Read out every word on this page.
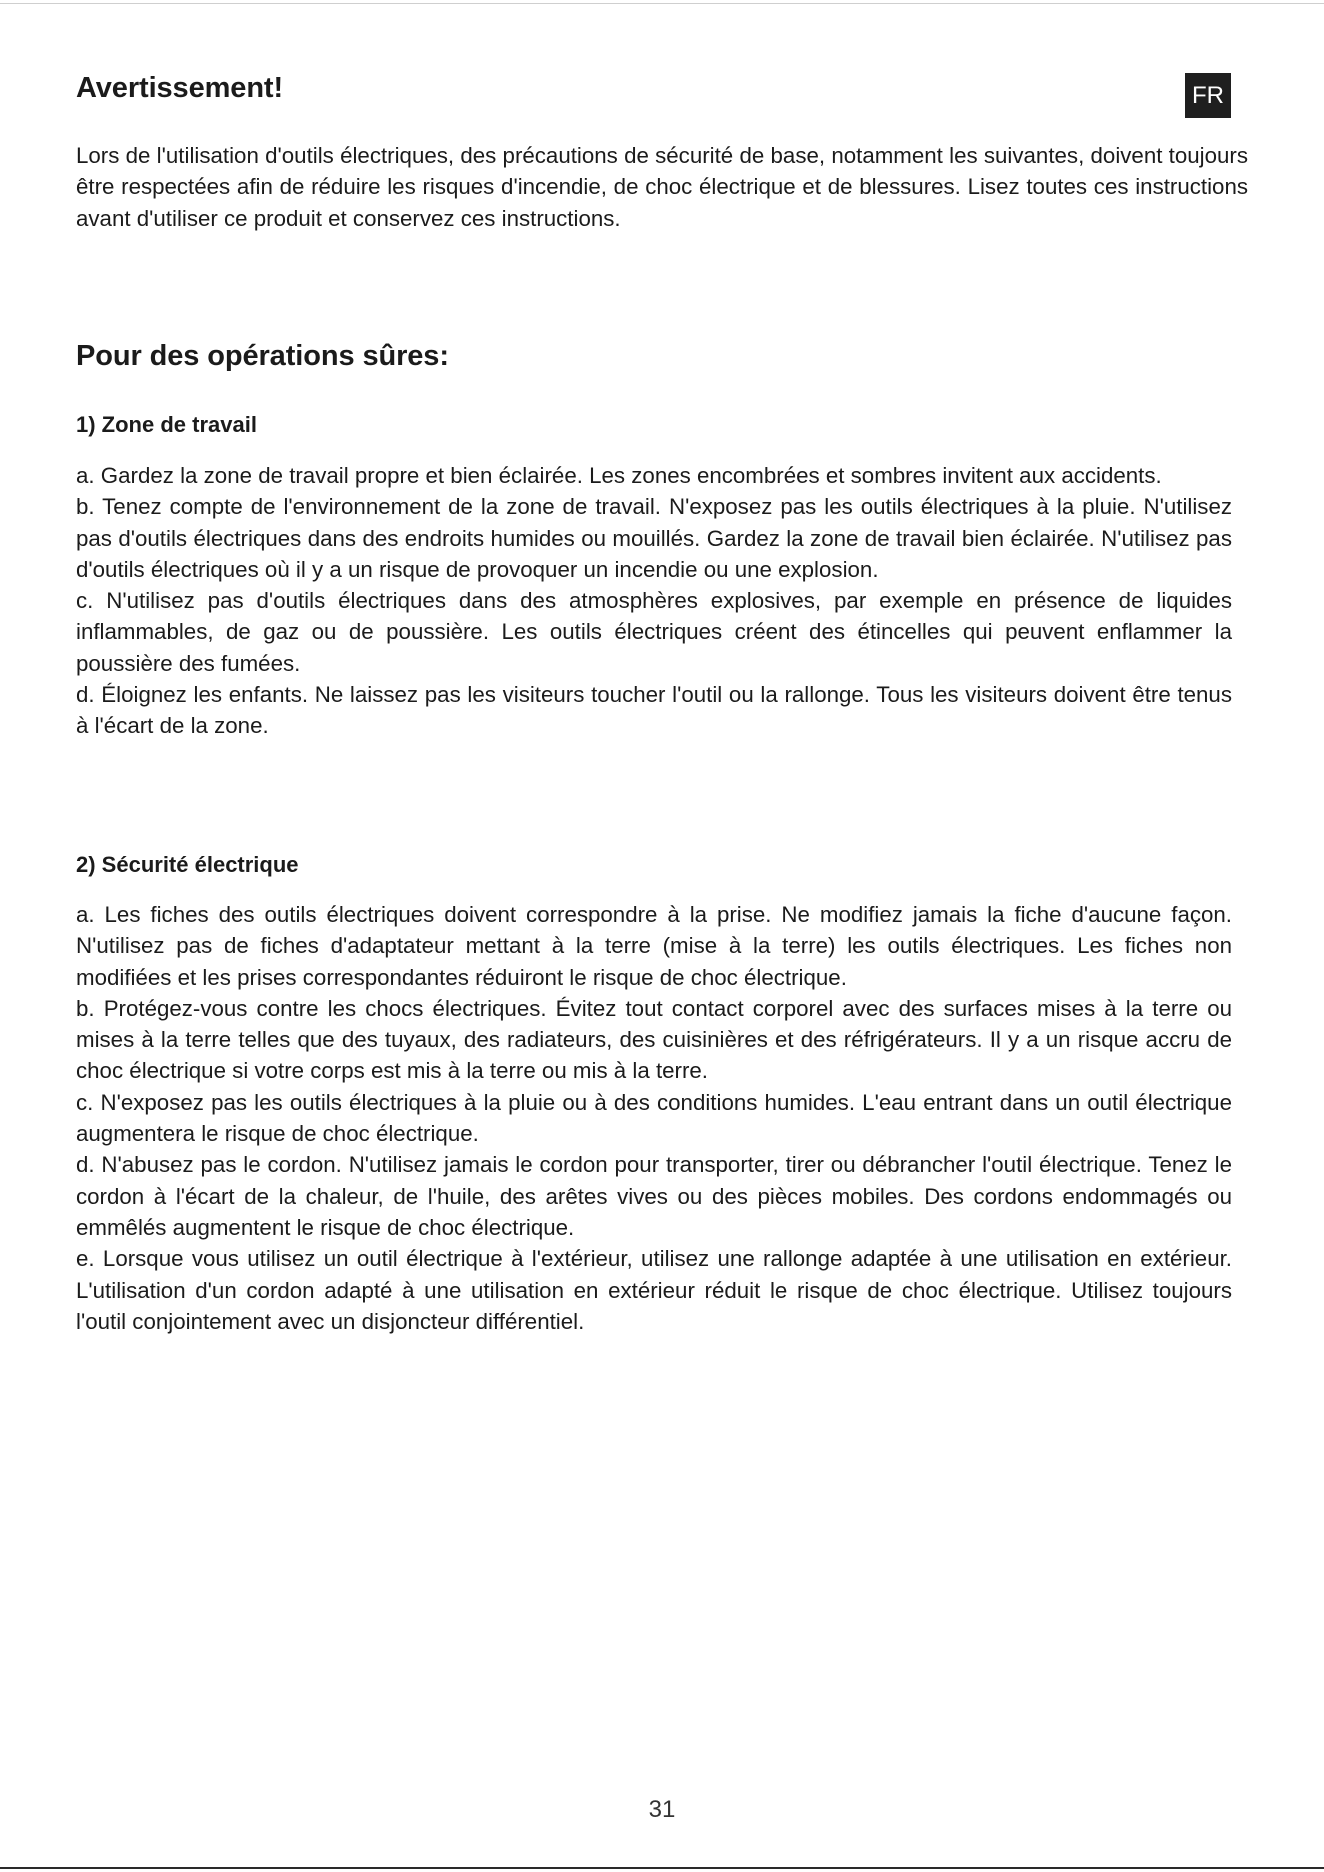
Avertissement!	FR

Lors de l'utilisation d'outils électriques, des précautions de sécurité de base, notamment les suivantes, doivent toujours être respectées afin de réduire les risques d'incendie, de choc électrique et de blessures. Lisez toutes ces instructions avant d'utiliser ce produit et conservez ces instructions.

Pour des opérations sûres:
1) Zone de travail

a. Gardez la zone de travail propre et bien éclairée. Les zones encombrées et sombres invitent aux accidents.

b. Tenez compte de l'environnement de la zone de travail. N'exposez pas les outils électriques à la pluie. N'utilisez pas d'outils électriques dans des endroits humides ou mouillés. Gardez la zone de travail bien éclairée. N'utilisez pas d'outils électriques où il y a un risque de provoquer un incendie ou une explosion.

c. N'utilisez pas d'outils électriques dans des atmosphères explosives, par exemple en présence de liquides inflammables, de gaz ou de poussière. Les outils électriques créent des étincelles qui peuvent enflammer la poussière des fumées.

d. Éloignez les enfants. Ne laissez pas les visiteurs toucher l'outil ou la rallonge. Tous les visiteurs doivent être tenus à l'écart de la zone.

2) Sécurité électrique

a. Les fiches des outils électriques doivent correspondre à la prise. Ne modifiez jamais la fiche d'aucune façon. N'utilisez pas de fiches d'adaptateur mettant à la terre (mise à la terre) les outils électriques. Les fiches non modifiées et les prises correspondantes réduiront le risque de choc électrique.

b. Protégez-vous contre les chocs électriques. Évitez tout contact corporel avec des surfaces mises à la terre ou mises à la terre telles que des tuyaux, des radiateurs, des cuisinières et des réfrigérateurs. Il y a un risque accru de choc électrique si votre corps est mis à la terre ou mis à la terre.

c. N'exposez pas les outils électriques à la pluie ou à des conditions humides. L'eau entrant dans un outil électrique augmentera le risque de choc électrique.

d. N'abusez pas le cordon. N'utilisez jamais le cordon pour transporter, tirer ou débrancher l'outil électrique. Tenez le cordon à l'écart de la chaleur, de l'huile, des arêtes vives ou des pièces mobiles. Des cordons endommagés ou emmêlés augmentent le risque de choc électrique.

e. Lorsque vous utilisez un outil électrique à l'extérieur, utilisez une rallonge adaptée à une utilisation en extérieur. L'utilisation d'un cordon adapté à une utilisation en extérieur réduit le risque de choc électrique. Utilisez toujours l'outil conjointement avec un disjoncteur différentiel.

31
